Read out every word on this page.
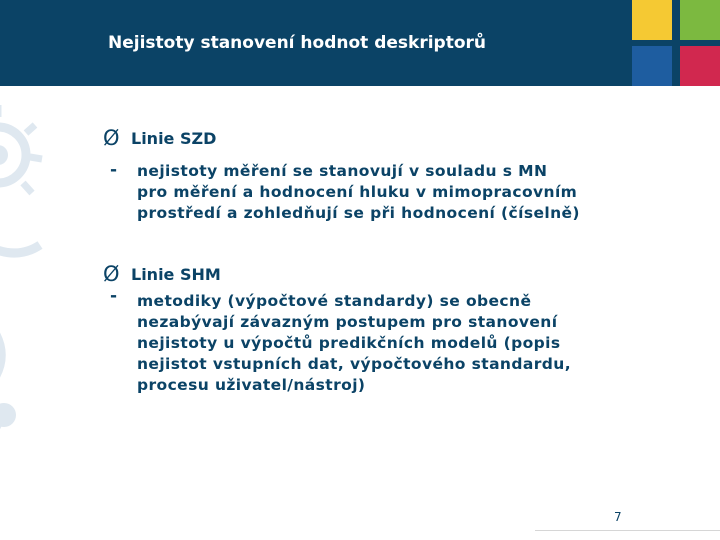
Nejistoty stanovení hodnot deskriptorů
Ø Linie SZD
- nejistoty měření se stanovují v souladu s MN
pro měření a hodnocení hluku v mimopracovním
prostředí a zohledňují se při hodnocení (číselně)
Ø Linie SHM
- metodiky (výpočtové standardy) se obecně
nezabývají závazným postupem pro stanovení
nejistoty u výpočtů predikčních modelů (popis
nejistot vstupních dat, výpočtového standardu,
procesu uživatel/nástroj)
7
